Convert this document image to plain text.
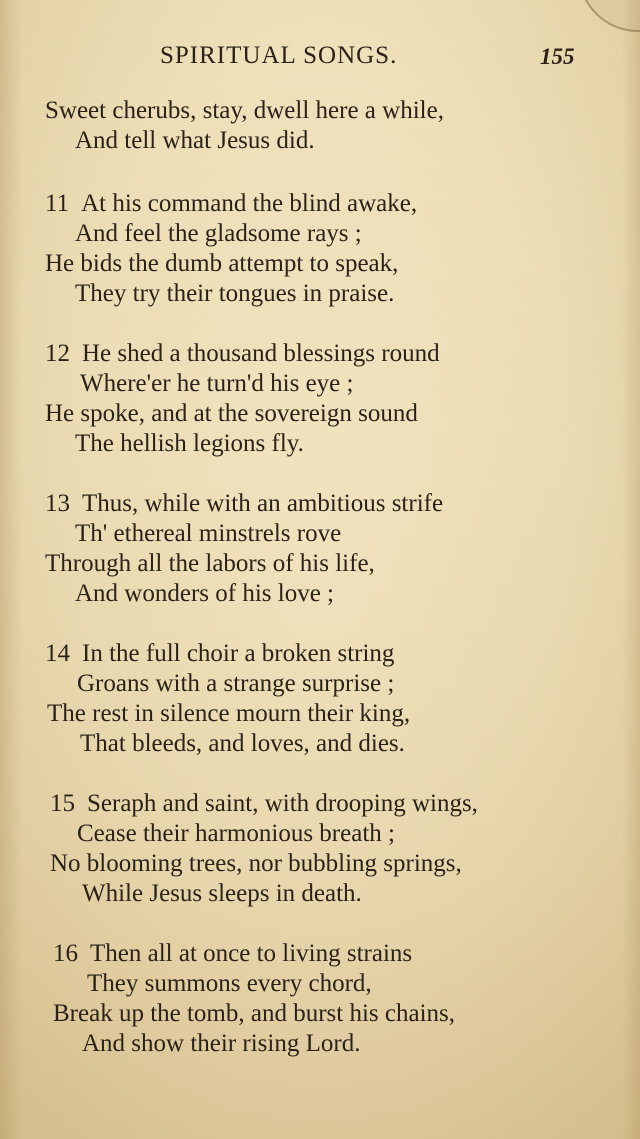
SPIRITUAL SONGS.	155
Sweet cherubs, stay, dwell here a while,
And tell what Jesus did.
11 At his command the blind awake,
And feel the gladsome rays ;
He bids the dumb attempt to speak,
They try their tongues in praise.
12 He shed a thousand blessings round
Where'er he turn'd his eye ;
He spoke, and at the sovereign sound
The hellish legions fly.
13 Thus, while with an ambitious strife
Th' ethereal minstrels rove
Through all the labors of his life,
And wonders of his love ;
14 In the full choir a broken string
Groans with a strange surprise ;
The rest in silence mourn their king,
That bleeds, and loves, and dies.
15 Seraph and saint, with drooping wings,
Cease their harmonious breath ;
No blooming trees, nor bubbling springs,
While Jesus sleeps in death.
16 Then all at once to living strains
They summons every chord,
Break up the tomb, and burst his chains,
And show their rising Lord.
